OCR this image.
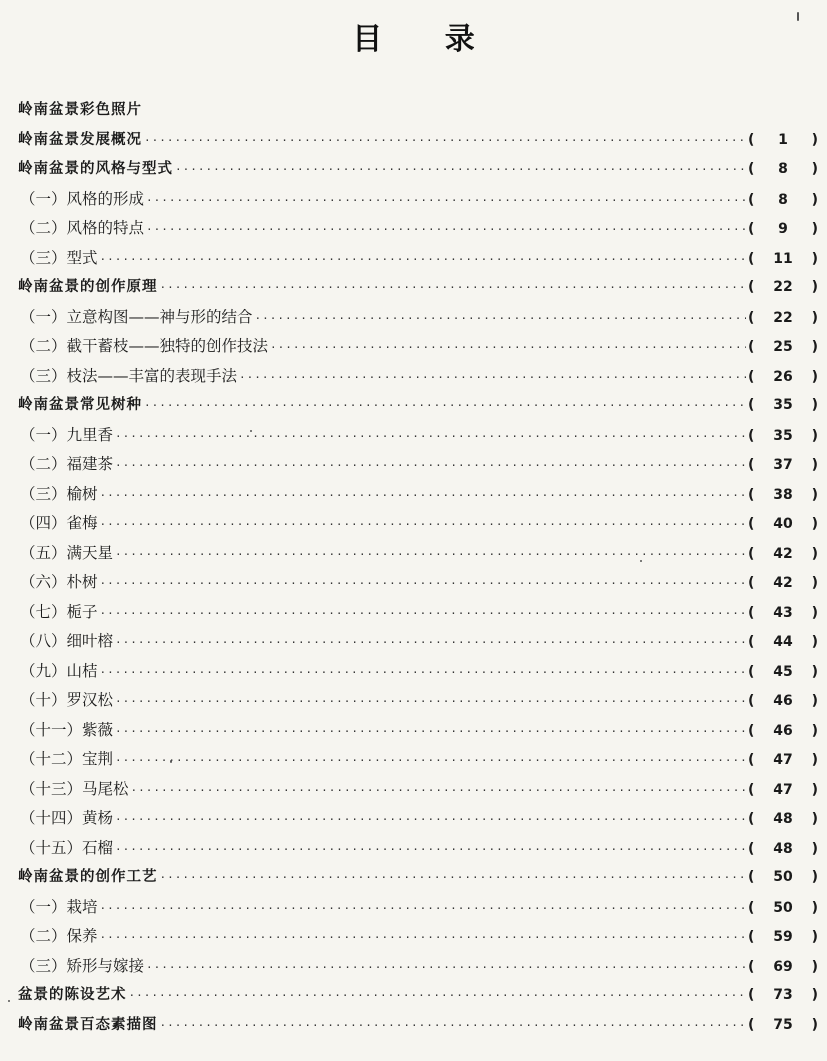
目 录
岭南盆景彩色照片
岭南盆景发展概况 ·····	(	1	)
岭南盆景的风格与型式 ·····	(	8	)
（一）风格的形成 ·····	(	8	)
（二）风格的特点 ·····	(	9	)
（三）型式 ·····	(	11	)
岭南盆景的创作原理 ·····	(	22	)
（一）立意构图——神与形的结合 ·····	(	22	)
（二）截干蓄枝——独特的创作技法 ·····	(	25	)
（三）枝法——丰富的表现手法 ·····	(	26	)
岭南盆景常见树种 ·····	(	35	)
（一）九里香 ·····	(	35	)
（二）福建茶 ·····	(	37	)
（三）榆树 ·····	(	38	)
（四）雀梅 ·····	(	40	)
（五）满天星 ·····	(	42	)
（六）朴树 ·····	(	42	)
（七）栀子 ·····	(	43	)
（八）细叶榕 ·····	(	44	)
（九）山桔 ·····	(	45	)
（十）罗汉松 ·····	(	46	)
（十一）紫薇 ·····	(	46	)
（十二）宝荆 ·····	(	47	)
（十三）马尾松 ·····	(	47	)
（十四）黄杨 ·····	(	48	)
（十五）石榴 ·····	(	48	)
岭南盆景的创作工艺 ·····	(	50	)
（一）栽培 ·····	(	50	)
（二）保养 ·····	(	59	)
（三）矫形与嫁接 ·····	(	69	)
盆景的陈设艺术 ·····	(	73	)
岭南盆景百态素描图 ·····	(	75	)
